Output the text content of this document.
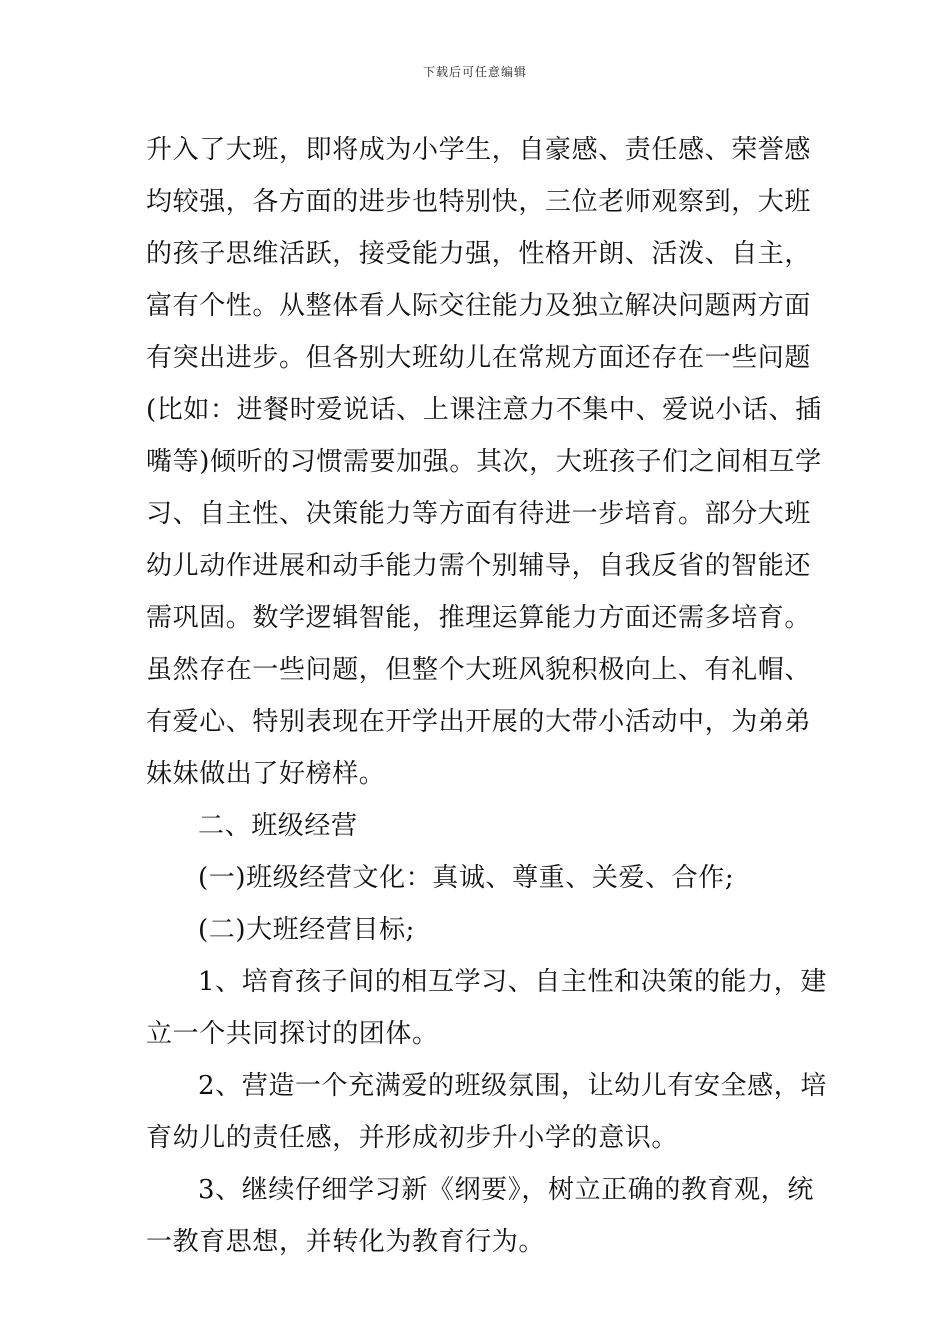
下载后可任意编辑

升入了大班，即将成为小学生，自豪感、责任感、荣誉感
均较强，各方面的进步也特别快，三位老师观察到，大班
的孩子思维活跃，接受能力强，性格开朗、活泼、自主，
富有个性。从整体看人际交往能力及独立解决问题两方面
有突出进步。但各别大班幼儿在常规方面还存在一些问题
(比如：进餐时爱说话、上课注意力不集中、爱说小话、插
嘴等)倾听的习惯需要加强。其次，大班孩子们之间相互学
习、自主性、决策能力等方面有待进一步培育。部分大班
幼儿动作进展和动手能力需个别辅导，自我反省的智能还
需巩固。数学逻辑智能，推理运算能力方面还需多培育。
虽然存在一些问题，但整个大班风貌积极向上、有礼帽、
有爱心、特别表现在开学出开展的大带小活动中，为弟弟
妹妹做出了好榜样。

二、班级经营

(一)班级经营文化：真诚、尊重、关爱、合作;

(二)大班经营目标;

1、培育孩子间的相互学习、自主性和决策的能力，建
立一个共同探讨的团体。

2、营造一个充满爱的班级氛围，让幼儿有安全感，培
育幼儿的责任感，并形成初步升小学的意识。

3、继续仔细学习新《纲要》，树立正确的教育观，统
一教育思想，并转化为教育行为。
